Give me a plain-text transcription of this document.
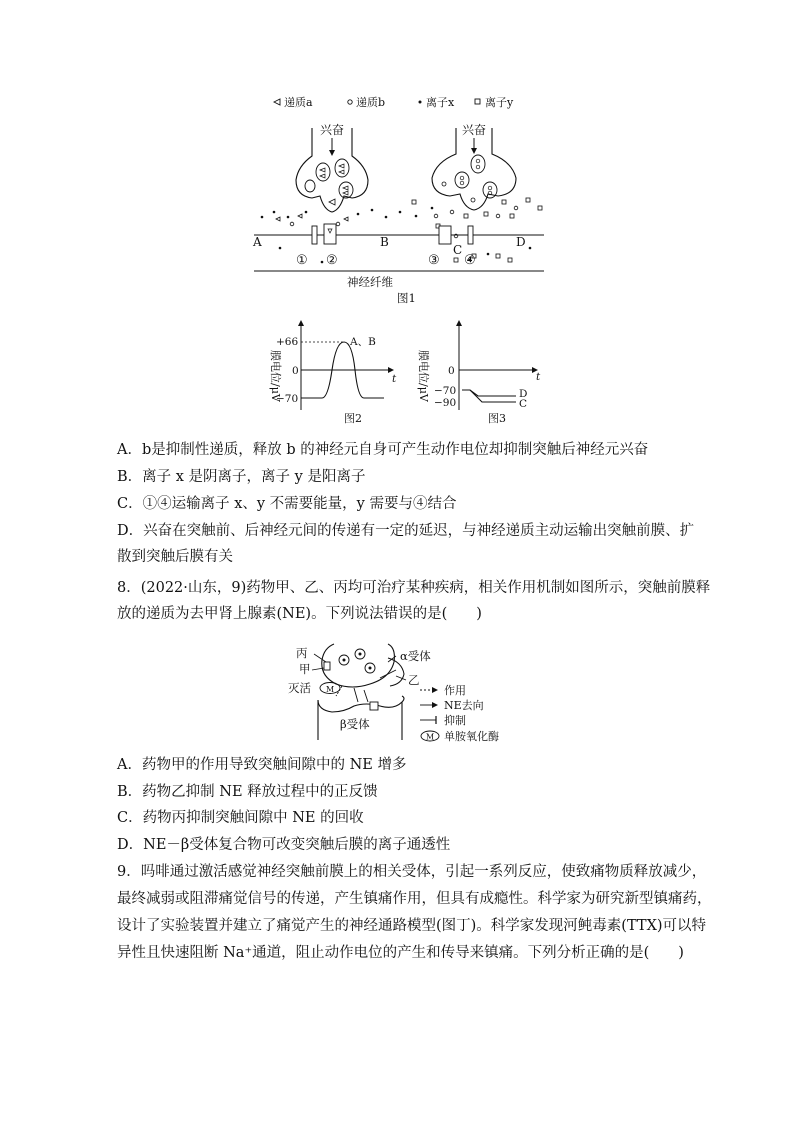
递质a	递质b	离子x	离子y
兴奋	兴奋
A	B
C
D
① ②	③ ④
神经纤维
图1
膜电位/μV
+66
0
−70
t
A、B
图2
膜电位/μV 0
−70
−90
t
D
C
图3
A．b是抑制性递质，释放 b 的神经元自身可产生动作电位却抑制突触后神经元兴奋
B．离子 x 是阴离子，离子 y 是阳离子
C．①④运输离子 x、y 不需要能量，y 需要与④结合
D．兴奋在突触前、后神经元间的传递有一定的延迟，与神经递质主动运输出突触前膜、扩
散到突触后膜有关
8．(2022·山东，9)药物甲、乙、丙均可治疗某种疾病，相关作用机制如图所示，突触前膜释
放的递质为去甲肾上腺素(NE)。下列说法错误的是(　　)
丙
甲
灭活 M
α受体
乙
β受体
作用
NE去向
抑制
M 单胺氧化酶
A．药物甲的作用导致突触间隙中的 NE 增多
B．药物乙抑制 NE 释放过程中的正反馈
C．药物丙抑制突触间隙中 NE 的回收
D．NE－β受体复合物可改变突触后膜的离子通透性
9．吗啡通过激活感觉神经突触前膜上的相关受体，引起一系列反应，使致痛物质释放减少，
最终减弱或阻滞痛觉信号的传递，产生镇痛作用，但具有成瘾性。科学家为研究新型镇痛药，
设计了实验装置并建立了痛觉产生的神经通路模型(图丁)。科学家发现河鲀毒素(TTX)可以特
异性且快速阻断 Na⁺通道，阻止动作电位的产生和传导来镇痛。下列分析正确的是(　　)
